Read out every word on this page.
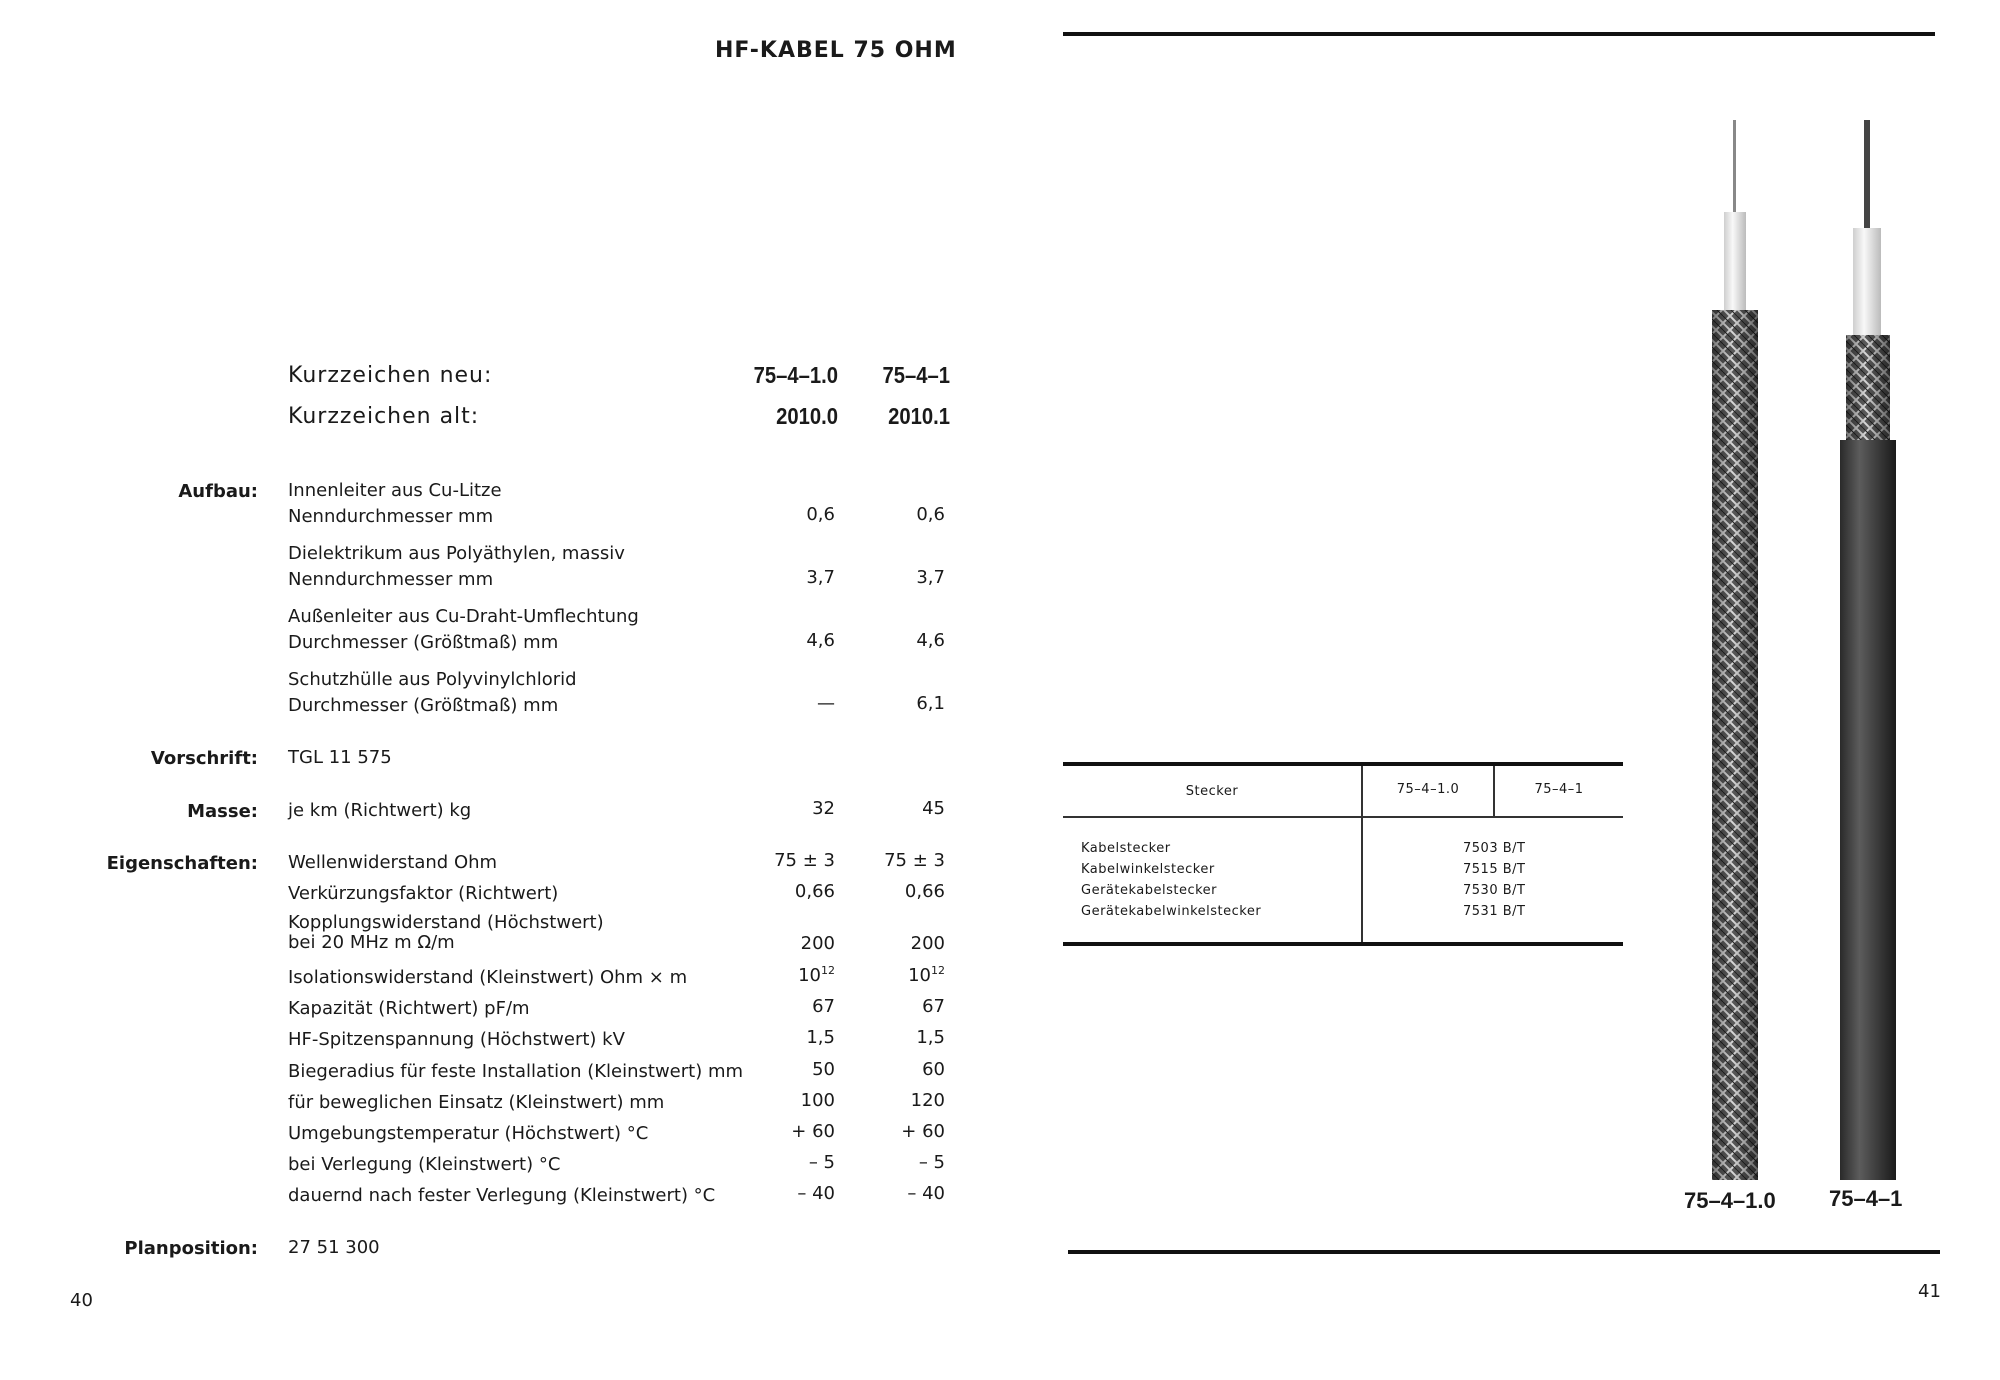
HF-KABEL 75 OHM
Kurzzeichen neu:	75–4–1.0	75–4–1
Kurzzeichen alt:	2010.0	2010.1
Aufbau: Innenleiter aus Cu-Litze
Nenndurchmesser mm	0,6	0,6
Dielektrikum aus Polyäthylen, massiv
Nenndurchmesser mm	3,7	3,7
Außenleiter aus Cu-Draht-Umflechtung
Durchmesser (Größtmaß) mm	4,6	4,6
Schutzhülle aus Polyvinylchlorid
Durchmesser (Größtmaß) mm	—	6,1
Vorschrift: TGL 11 575
Masse: je km (Richtwert) kg	32	45
Eigenschaften: Wellenwiderstand Ohm	75 ± 3	75 ± 3
Verkürzungsfaktor (Richtwert)	0,66	0,66
Kopplungswiderstand (Höchstwert)
bei 20 MHz m Ω/m	200	200
Isolationswiderstand (Kleinstwert) Ohm × m	$10^{12}$	$10^{12}$
Kapazität (Richtwert) pF/m	67	67
HF-Spitzenspannung (Höchstwert) kV	1,5	1,5
Biegeradius für feste Installation (Kleinstwert) mm	50	60
für beweglichen Einsatz (Kleinstwert) mm	100	120
Umgebungstemperatur (Höchstwert) °C	+ 60	+ 60
bei Verlegung (Kleinstwert) °C	– 5	– 5
dauernd nach fester Verlegung (Kleinstwert) °C	– 40	– 40
Planposition: 27 51 300
40	41
Stecker	75–4–1.0	75–4–1
Kabelstecker	7503 B/T
Kabelwinkelstecker	7515 B/T
Gerätekabelstecker	7530 B/T
Gerätekabelwinkelstecker	7531 B/T
75–4–1.0 75–4–1
